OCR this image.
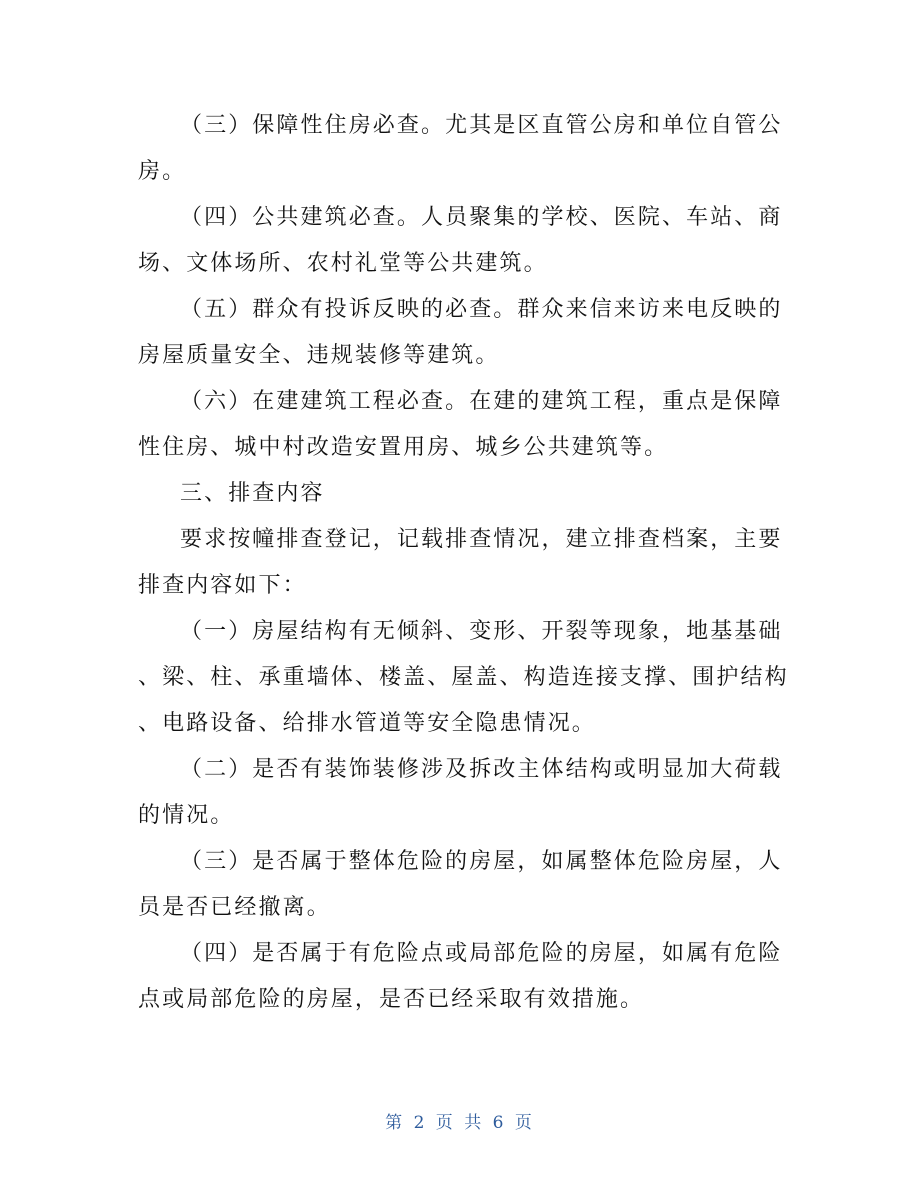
（三）保障性住房必查。尤其是区直管公房和单位自管公

房。

（四）公共建筑必查。人员聚集的学校、医院、车站、商

场、文体场所、农村礼堂等公共建筑。

（五）群众有投诉反映的必查。群众来信来访来电反映的

房屋质量安全、违规装修等建筑。

（六）在建建筑工程必查。在建的建筑工程，重点是保障

性住房、城中村改造安置用房、城乡公共建筑等。

三、排查内容

要求按幢排查登记，记载排查情况，建立排查档案，主要

排查内容如下：

（一）房屋结构有无倾斜、变形、开裂等现象，地基基础

、梁、柱、承重墙体、楼盖、屋盖、构造连接支撑、围护结构

、电路设备、给排水管道等安全隐患情况。

（二）是否有装饰装修涉及拆改主体结构或明显加大荷载

的情况。

（三）是否属于整体危险的房屋，如属整体危险房屋，人

员是否已经撤离。

（四）是否属于有危险点或局部危险的房屋，如属有危险

点或局部危险的房屋，是否已经采取有效措施。

第 2 页 共 6 页
